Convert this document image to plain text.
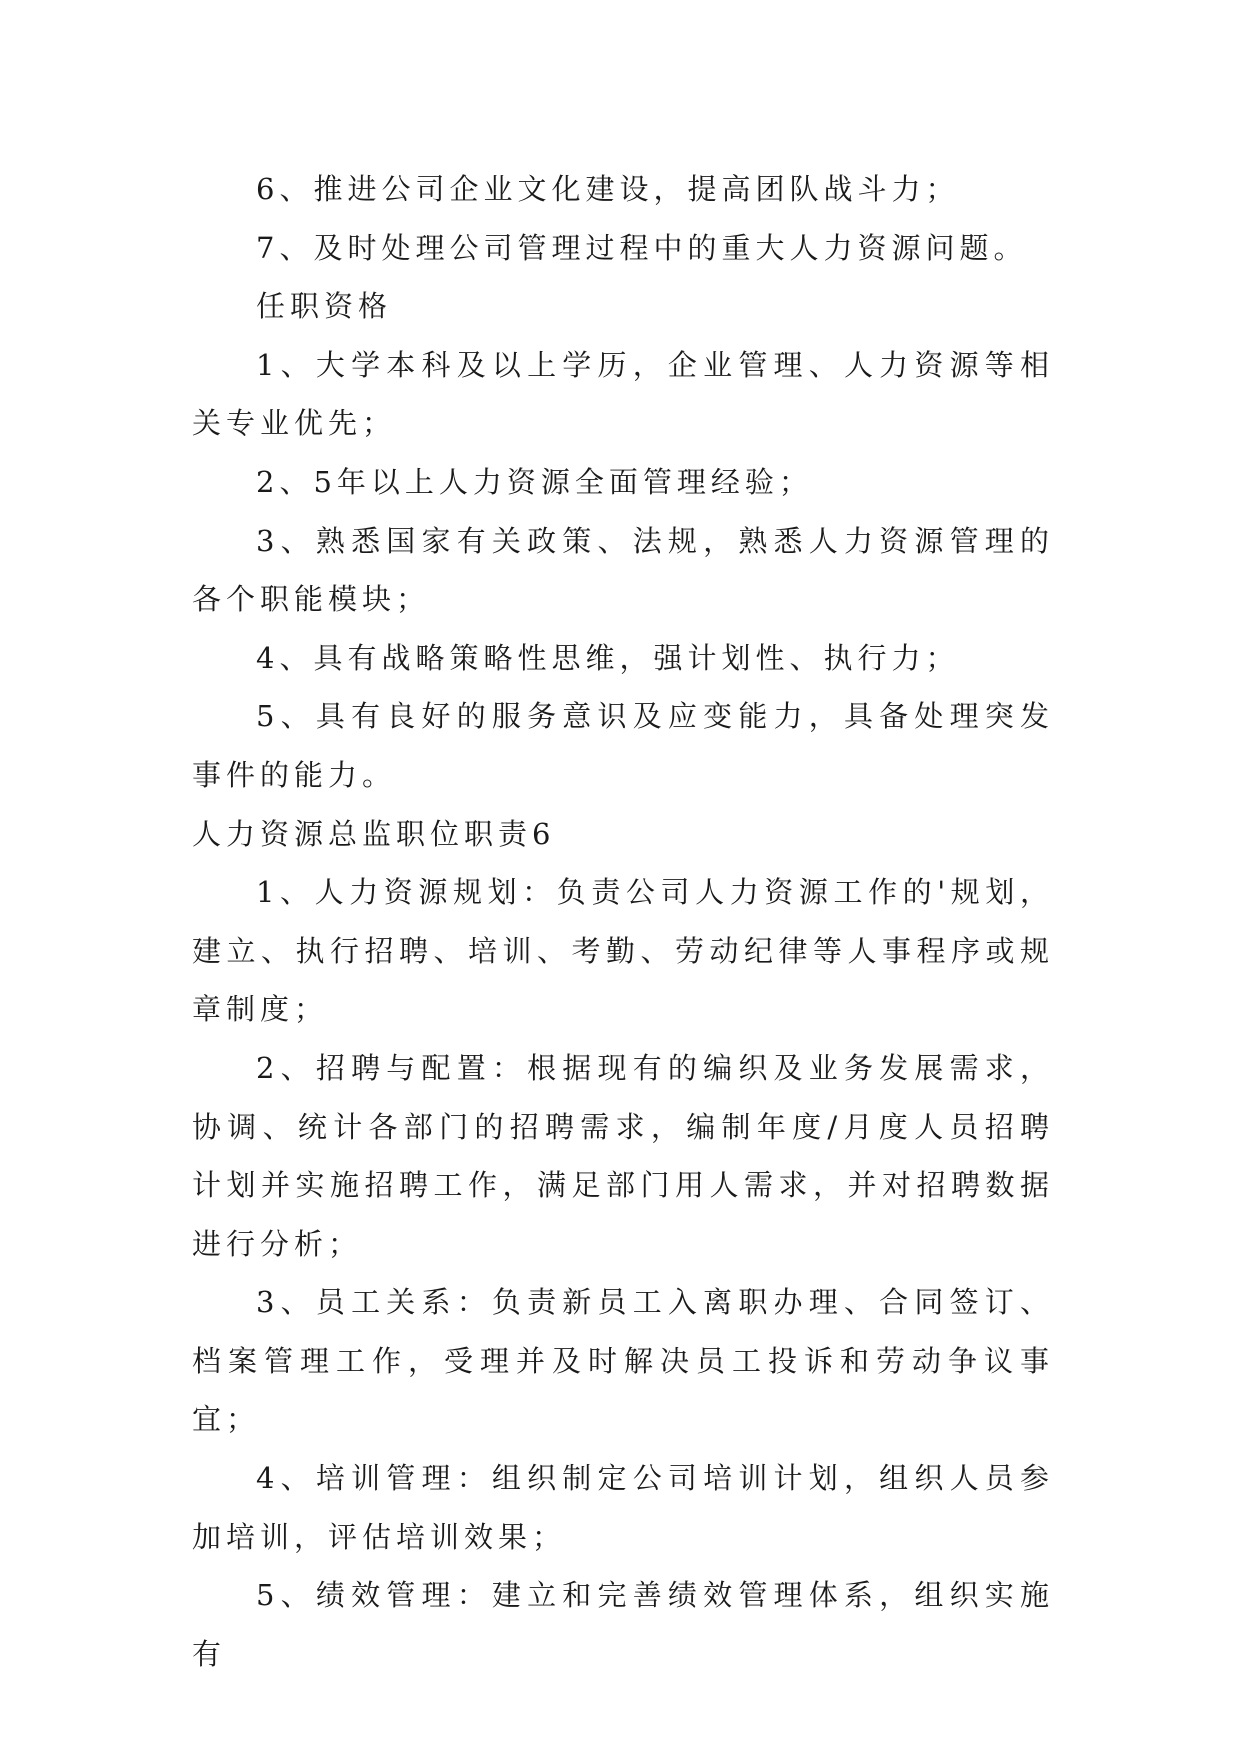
6、推进公司企业文化建设，提高团队战斗力；

7、及时处理公司管理过程中的重大人力资源问题。

任职资格

1、大学本科及以上学历，企业管理、人力资源等相关专业优先；

2、5年以上人力资源全面管理经验；

3、熟悉国家有关政策、法规，熟悉人力资源管理的各个职能模块；

4、具有战略策略性思维，强计划性、执行力；

5、具有良好的服务意识及应变能力，具备处理突发事件的能力。

人力资源总监职位职责6

1、人力资源规划：负责公司人力资源工作的'规划，建立、执行招聘、培训、考勤、劳动纪律等人事程序或规章制度；

2、招聘与配置：根据现有的编织及业务发展需求，协调、统计各部门的招聘需求，编制年度/月度人员招聘计划并实施招聘工作，满足部门用人需求，并对招聘数据进行分析；

3、员工关系：负责新员工入离职办理、合同签订、档案管理工作，受理并及时解决员工投诉和劳动争议事宜；

4、培训管理：组织制定公司培训计划，组织人员参加培训，评估培训效果；

5、绩效管理：建立和完善绩效管理体系，组织实施有
